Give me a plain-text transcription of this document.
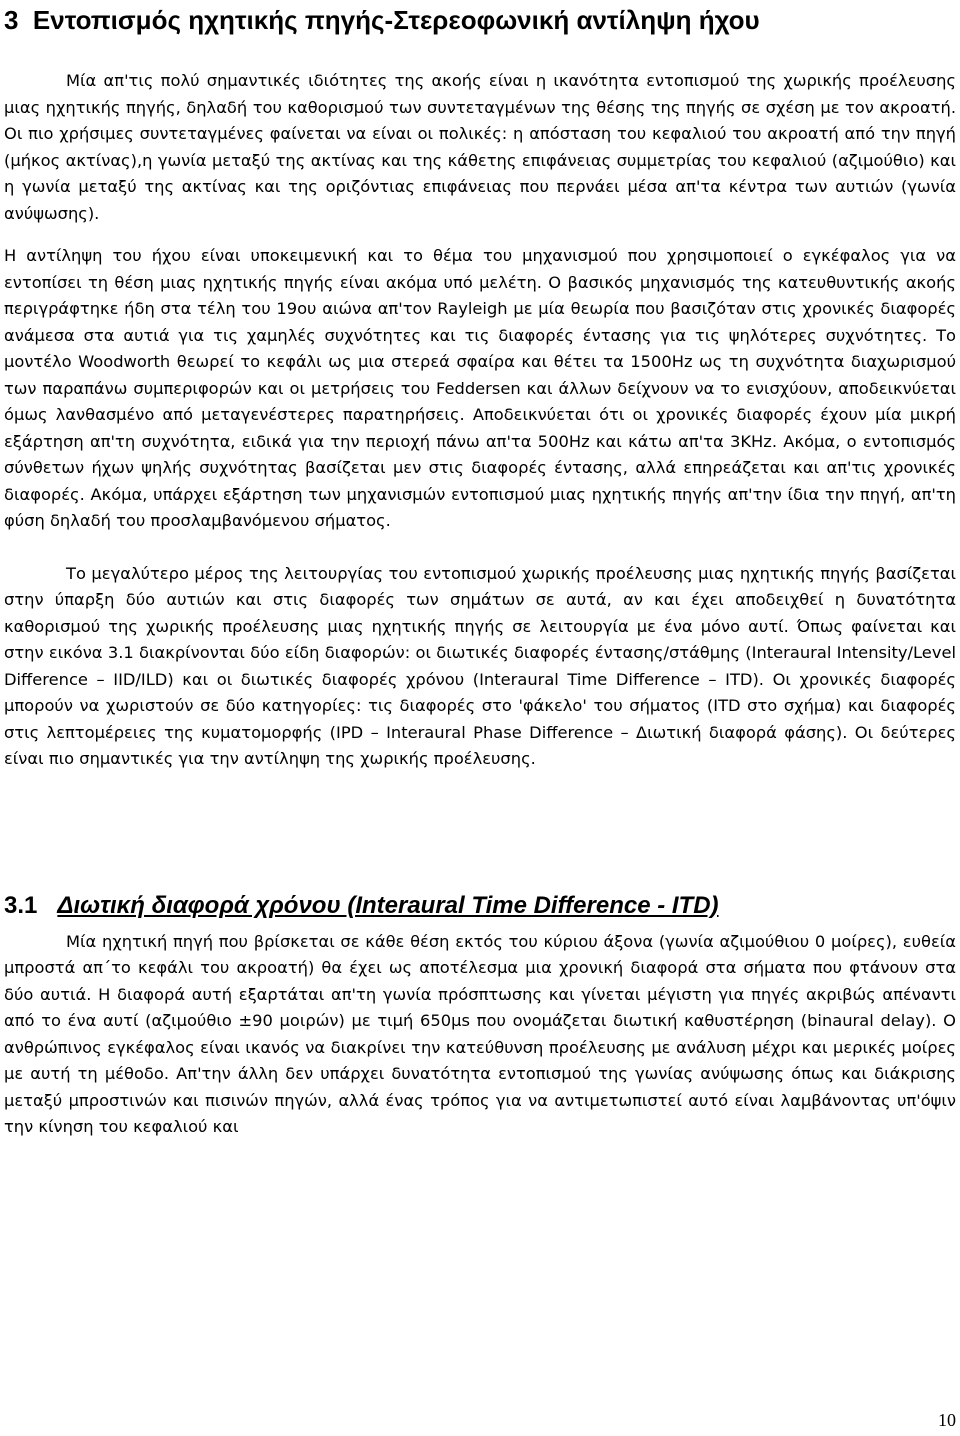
3 Εντοπισμός ηχητικής πηγής-Στερεοφωνική αντίληψη ήχου

Μία απ'τις πολύ σημαντικές ιδιότητες της ακοής είναι η ικανότητα εντοπισμού της χωρικής προέλευσης μιας ηχητικής πηγής, δηλαδή του καθορισμού των συντεταγμένων της θέσης της πηγής σε σχέση με τον ακροατή. Οι πιο χρήσιμες συντεταγμένες φαίνεται να είναι οι πολικές: η απόσταση του κεφαλιού του ακροατή από την πηγή (μήκος ακτίνας),η γωνία μεταξύ της ακτίνας και της κάθετης επιφάνειας συμμετρίας του κεφαλιού (αζιμούθιο) και η γωνία μεταξύ της ακτίνας και της οριζόντιας επιφάνειας που περνάει μέσα απ'τα κέντρα των αυτιών (γωνία ανύψωσης).

Η αντίληψη του ήχου είναι υποκειμενική και το θέμα του μηχανισμού που χρησιμοποιεί ο εγκέφαλος για να εντοπίσει τη θέση μιας ηχητικής πηγής είναι ακόμα υπό μελέτη. Ο βασικός μηχανισμός της κατευθυντικής ακοής περιγράφτηκε ήδη στα τέλη του 19ου αιώνα απ'τον Rayleigh με μία θεωρία που βασιζόταν στις χρονικές διαφορές ανάμεσα στα αυτιά για τις χαμηλές συχνότητες και τις διαφορές έντασης για τις ψηλότερες συχνότητες. Το μοντέλο Woodworth θεωρεί το κεφάλι ως μια στερεά σφαίρα και θέτει τα 1500Hz ως τη συχνότητα διαχωρισμού των παραπάνω συμπεριφορών και οι μετρήσεις του Feddersen και άλλων δείχνουν να το ενισχύουν, αποδεικνύεται όμως λανθασμένο από μεταγενέστερες παρατηρήσεις. Αποδεικνύεται ότι οι χρονικές διαφορές έχουν μία μικρή εξάρτηση απ'τη συχνότητα, ειδικά για την περιοχή πάνω απ'τα 500Hz και κάτω απ'τα 3KHz. Ακόμα, ο εντοπισμός σύνθετων ήχων ψηλής συχνότητας βασίζεται μεν στις διαφορές έντασης, αλλά επηρεάζεται και απ'τις χρονικές διαφορές. Ακόμα, υπάρχει εξάρτηση των μηχανισμών εντοπισμού μιας ηχητικής πηγής απ'την ίδια την πηγή, απ'τη φύση δηλαδή του προσλαμβανόμενου σήματος.

Το μεγαλύτερο μέρος της λειτουργίας του εντοπισμού χωρικής προέλευσης μιας ηχητικής πηγής βασίζεται στην ύπαρξη δύο αυτιών και στις διαφορές των σημάτων σε αυτά, αν και έχει αποδειχθεί η δυνατότητα καθορισμού της χωρικής προέλευσης μιας ηχητικής πηγής σε λειτουργία με ένα μόνο αυτί. Όπως φαίνεται και στην εικόνα 3.1 διακρίνονται δύο είδη διαφορών: οι διωτικές διαφορές έντασης/στάθμης (Interaural Intensity/Level Difference – IID/ILD) και οι διωτικές διαφορές χρόνου (Interaural Time Difference – ITD). Οι χρονικές διαφορές μπορούν να χωριστούν σε δύο κατηγορίες: τις διαφορές στο 'φάκελο' του σήματος (ITD στο σχήμα) και διαφορές στις λεπτομέρειες της κυματομορφής (IPD – Interaural Phase Difference – Διωτική διαφορά φάσης). Οι δεύτερες είναι πιο σημαντικές για την αντίληψη της χωρικής προέλευσης.

3.1 Διωτική διαφορά χρόνου (Interaural Time Difference - ITD)

Μία ηχητική πηγή που βρίσκεται σε κάθε θέση εκτός του κύριου άξονα (γωνία αζιμούθιου 0 μοίρες), ευθεία μπροστά απ΄το κεφάλι του ακροατή) θα έχει ως αποτέλεσμα μια χρονική διαφορά στα σήματα που φτάνουν στα δύο αυτιά. Η διαφορά αυτή εξαρτάται απ'τη γωνία πρόσπτωσης και γίνεται μέγιστη για πηγές ακριβώς απέναντι από το ένα αυτί (αζιμούθιο ±90 μοιρών) με τιμή 650μs που ονομάζεται διωτική καθυστέρηση (binaural delay). Ο ανθρώπινος εγκέφαλος είναι ικανός να διακρίνει την κατεύθυνση προέλευσης με ανάλυση μέχρι και μερικές μοίρες με αυτή τη μέθοδο. Απ'την άλλη δεν υπάρχει δυνατότητα εντοπισμού της γωνίας ανύψωσης όπως και διάκρισης μεταξύ μπροστινών και πισινών πηγών, αλλά ένας τρόπος για να αντιμετωπιστεί αυτό είναι λαμβάνοντας υπ'όψιν την κίνηση του κεφαλιού και

10
